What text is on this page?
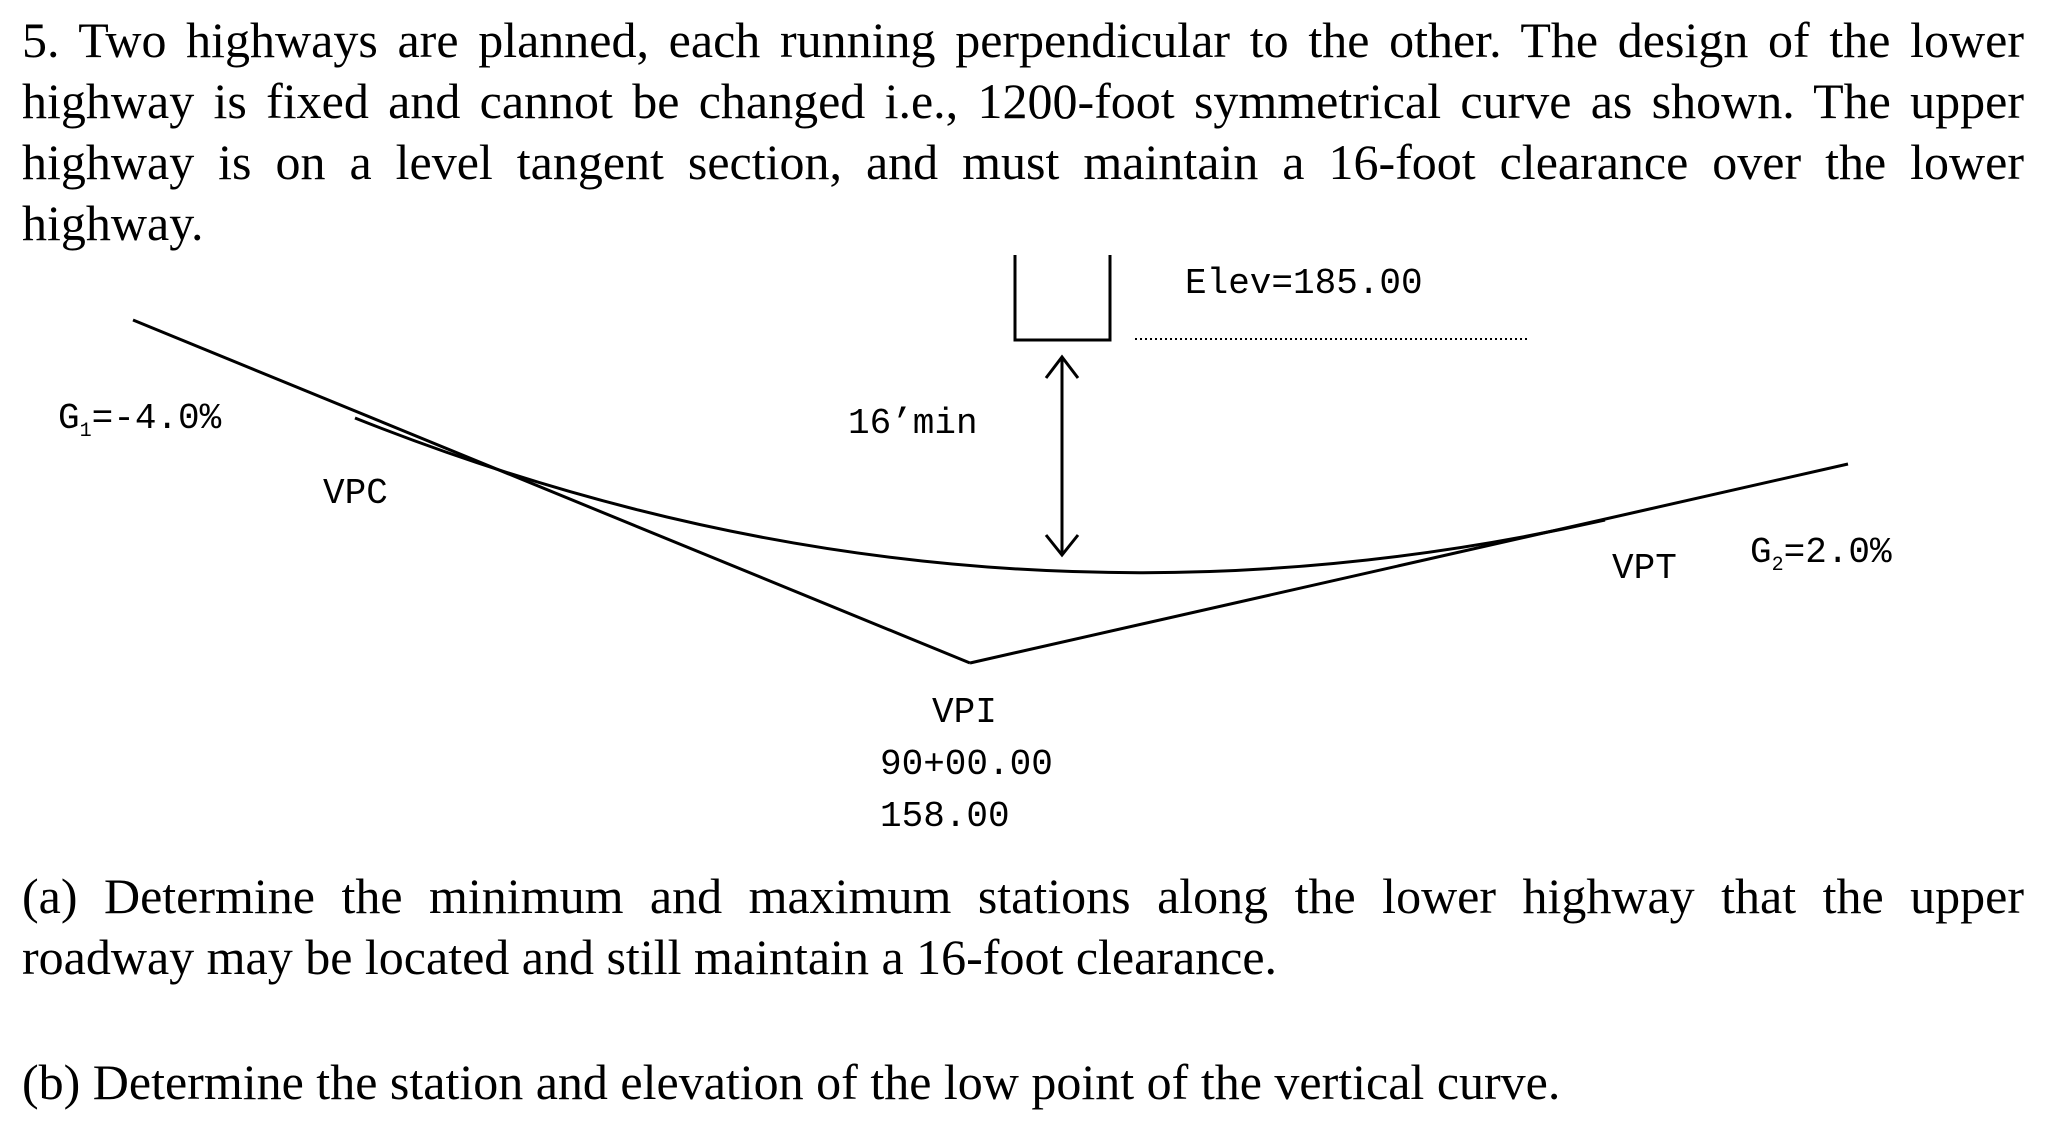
5. Two highways are planned, each running perpendicular to the other. The design of the lower highway is fixed and cannot be changed i.e., 1200-foot symmetrical curve as shown. The upper highway is on a level tangent section, and must maintain a 16-foot clearance over the lower highway.

Elev=185.00
16’min
$G_1=-4.0\%$
VPC
VPT $G_2=2.0\%$
VPI
90+00.00
158.00

(a) Determine the minimum and maximum stations along the lower highway that the upper roadway may be located and still maintain a 16-foot clearance.

(b) Determine the station and elevation of the low point of the vertical curve.
